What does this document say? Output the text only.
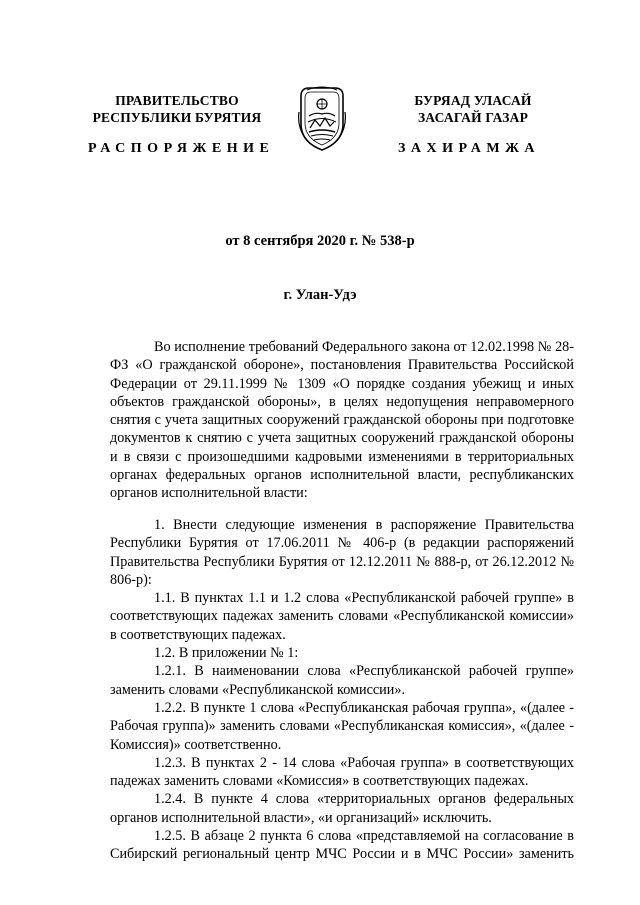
ПРАВИТЕЛЬСТВО
РЕСПУБЛИКИ БУРЯТИЯ
РАСПОРЯЖЕНИЕ
БУРЯАД УЛАСАЙ
ЗАСАГАЙ ГАЗАР
ЗАХИРАМЖА
от 8 сентября 2020 г. № 538-р
г. Улан-Удэ

Во исполнение требований Федерального закона от 12.02.1998 № 28-ФЗ «О гражданской обороне», постановления Правительства Российской Федерации от 29.11.1999 № 1309 «О порядке создания убежищ и иных объектов гражданской обороны», в целях недопущения неправомерного снятия с учета защитных сооружений гражданской обороны при подготовке документов к снятию с учета защитных сооружений гражданской обороны и в связи с произошедшими кадровыми изменениями в территориальных органах федеральных органов исполнительной власти, республиканских органов исполнительной власти:

1. Внести следующие изменения в распоряжение Правительства Республики Бурятия от 17.06.2011 № 406-р (в редакции распоряжений Правительства Республики Бурятия от 12.12.2011 № 888-р, от 26.12.2012 № 806-р):

1.1. В пунктах 1.1 и 1.2 слова «Республиканской рабочей группе» в соответствующих падежах заменить словами «Республиканской комиссии» в соответствующих падежах.

1.2. В приложении № 1:

1.2.1. В наименовании слова «Республиканской рабочей группе» заменить словами «Республиканской комиссии».

1.2.2. В пункте 1 слова «Республиканская рабочая группа», «(далее - Рабочая группа)» заменить словами «Республиканская комиссия», «(далее - Комиссия)» соответственно.

1.2.3. В пунктах 2 - 14 слова «Рабочая группа» в соответствующих падежах заменить словами «Комиссия» в соответствующих падежах.

1.2.4. В пункте 4 слова «территориальных органов федеральных органов исполнительной власти», «и организаций» исключить.

1.2.5. В абзаце 2 пункта 6 слова «представляемой на согласование в Сибирский региональный центр МЧС России и в МЧС России» заменить
